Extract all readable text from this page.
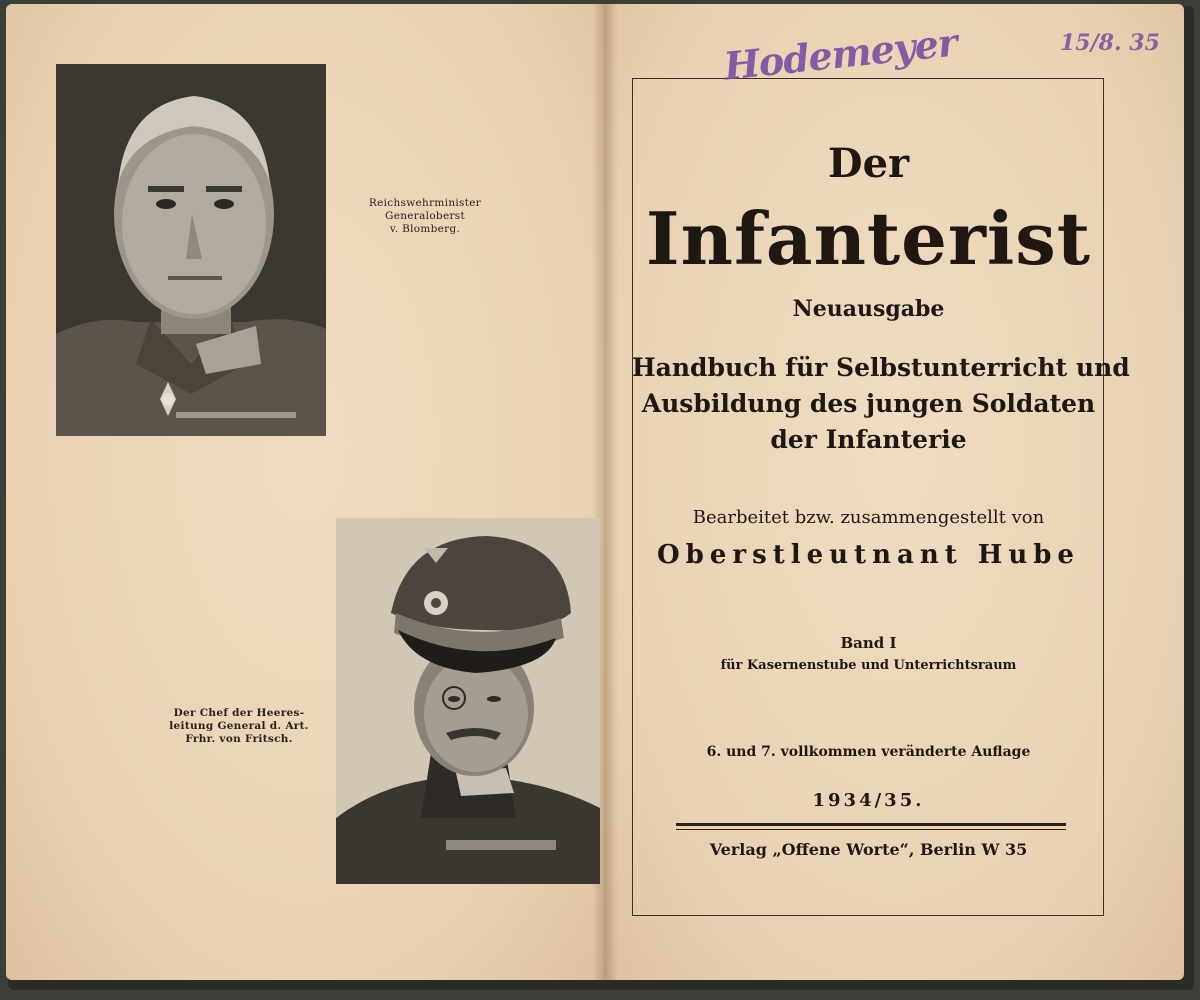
Reichswehrminister
Generaloberst
v. Blomberg.
Der Chef der Heeres-
leitung General d. Art.
Frhr. von Fritsch.
Hodemeyer	15/8. 35
Der
Infanterist
Neuausgabe
Handbuch für Selbstunterricht und
Ausbildung des jungen Soldaten
der Infanterie
Bearbeitet bzw. zusammengestellt von
Oberstleutnant Hube
Band I
für Kasernenstube und Unterrichtsraum
6. und 7. vollkommen veränderte Auflage
1934/35.
Verlag „Offene Worte“, Berlin W 35
